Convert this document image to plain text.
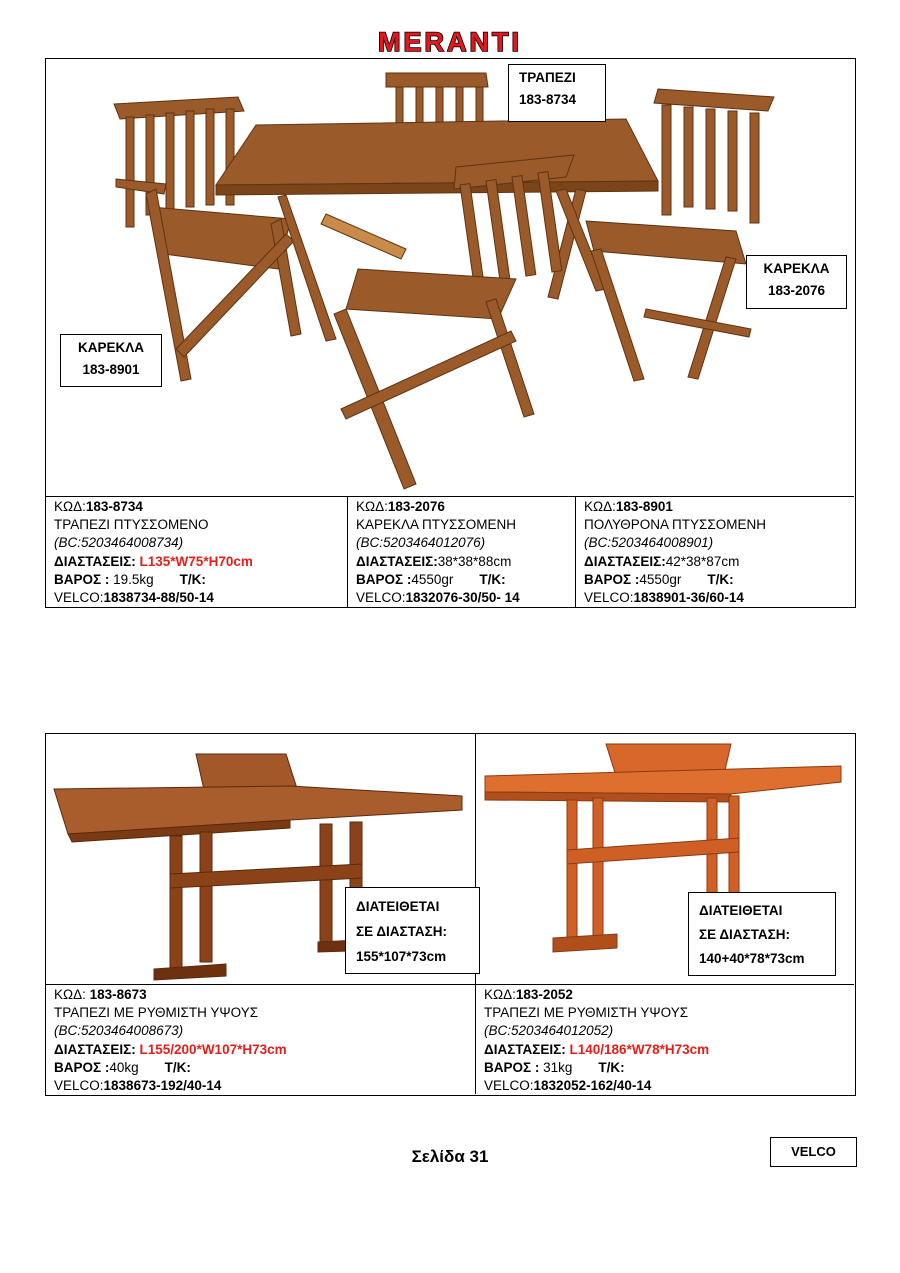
MERANTI
ΤΡΑΠΕΖΙ
183-8734
ΚΑΡΕΚΛΑ
183-2076
ΚΑΡΕΚΛΑ
183-8901
ΚΩΔ:183-8734
ΤΡΑΠΕΖΙ ΠΤΥΣΣΟΜΕΝΟ
(BC:5203464008734)
ΔΙΑΣΤΑΣΕΙΣ: L135*W75*H70cm
ΒΑΡΟΣ : 19.5kg Τ/Κ:
VELCO:1838734-88/50-14
ΚΩΔ:183-2076
ΚΑΡΕΚΛΑ ΠΤΥΣΣΟΜΕΝΗ
(BC:5203464012076)
ΔΙΑΣΤΑΣΕΙΣ:38*38*88cm
ΒΑΡΟΣ :4550gr Τ/Κ:
VELCO:1832076-30/50- 14
ΚΩΔ:183-8901
ΠΟΛΥΘΡΟΝΑ ΠΤΥΣΣΟΜΕΝΗ
(BC:5203464008901)
ΔΙΑΣΤΑΣΕΙΣ:42*38*87cm
ΒΑΡΟΣ :4550gr Τ/Κ:
VELCO:1838901-36/60-14
ΔΙΑΤΕΙΘΕΤΑΙ
ΣΕ ΔΙΑΣΤΑΣΗ:
155*107*73cm
ΔΙΑΤΕΙΘΕΤΑΙ
ΣΕ ΔΙΑΣΤΑΣΗ:
140+40*78*73cm
ΚΩΔ: 183-8673
ΤΡΑΠΕΖΙ ΜΕ ΡΥΘΜΙΣΤΗ ΥΨΟΥΣ
(BC:5203464008673)
ΔΙΑΣΤΑΣΕΙΣ: L155/200*W107*H73cm
ΒΑΡΟΣ :40kg Τ/Κ:
VELCO:1838673-192/40-14
ΚΩΔ:183-2052
ΤΡΑΠΕΖΙ ΜΕ ΡΥΘΜΙΣΤΗ ΥΨΟΥΣ
(BC:5203464012052)
ΔΙΑΣΤΑΣΕΙΣ: L140/186*W78*H73cm
ΒΑΡΟΣ : 31kg Τ/Κ:
VELCO:1832052-162/40-14
Σελίδα 31	VELCO
